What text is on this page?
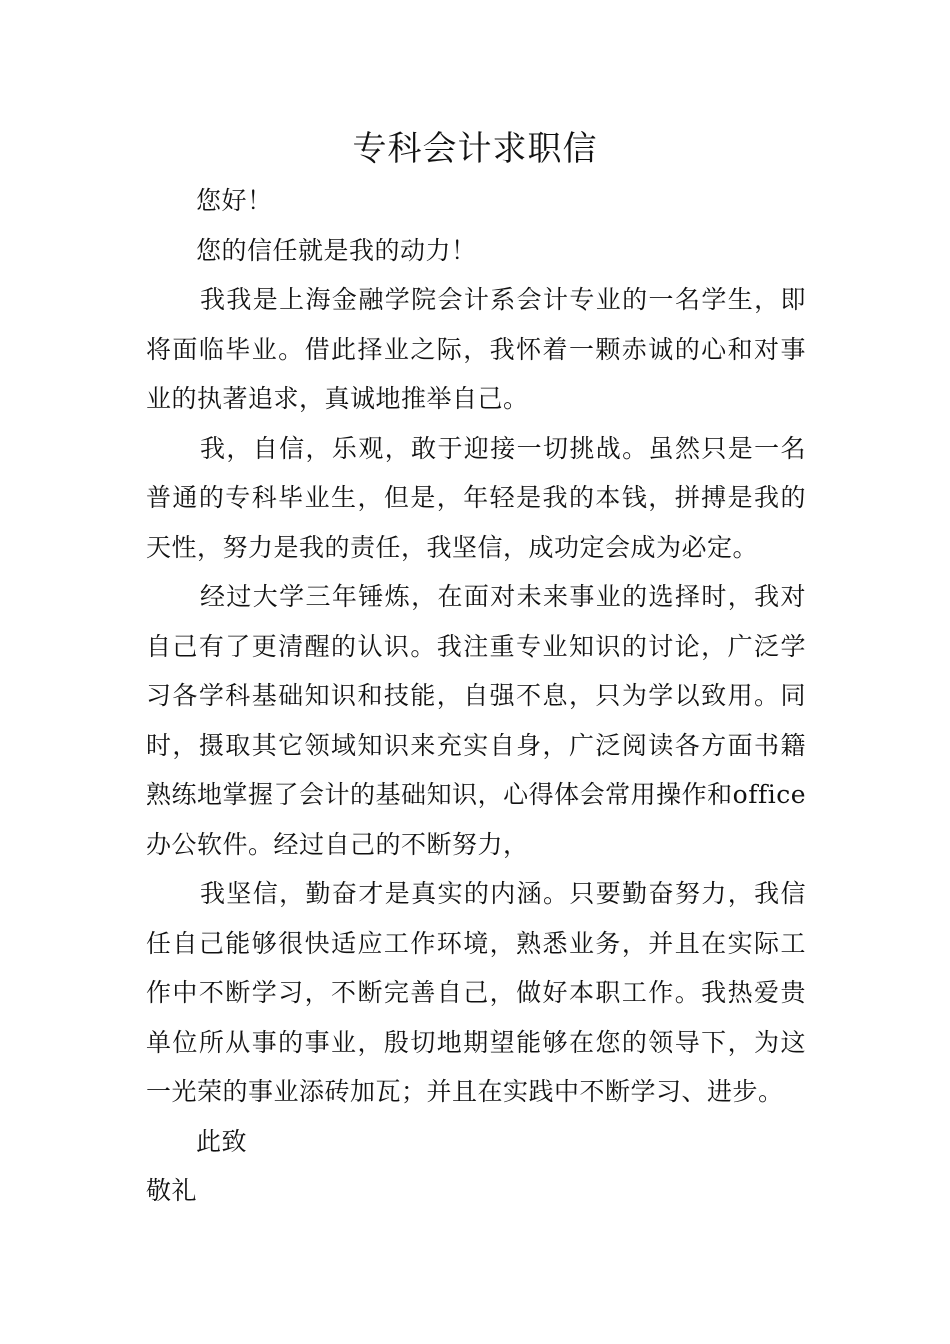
专科会计求职信

您好！

您的信任就是我的动力！

我我是上海金融学院会计系会计专业的一名学生，即将面临毕业。借此择业之际，我怀着一颗赤诚的心和对事业的执著追求，真诚地推举自己。

我，自信，乐观，敢于迎接一切挑战。虽然只是一名普通的专科毕业生，但是，年轻是我的本钱，拼搏是我的天性，努力是我的责任，我坚信，成功定会成为必定。

经过大学三年锤炼，在面对未来事业的选择时，我对自己有了更清醒的认识。我注重专业知识的讨论，广泛学习各学科基础知识和技能，自强不息，只为学以致用。同时，摄取其它领域知识来充实自身，广泛阅读各方面书籍熟练地掌握了会计的基础知识，心得体会常用操作和office办公软件。经过自己的不断努力，

我坚信，勤奋才是真实的内涵。只要勤奋努力，我信任自己能够很快适应工作环境，熟悉业务，并且在实际工作中不断学习，不断完善自己，做好本职工作。我热爱贵单位所从事的事业，殷切地期望能够在您的领导下，为这一光荣的事业添砖加瓦；并且在实践中不断学习、进步。

此致

敬礼
